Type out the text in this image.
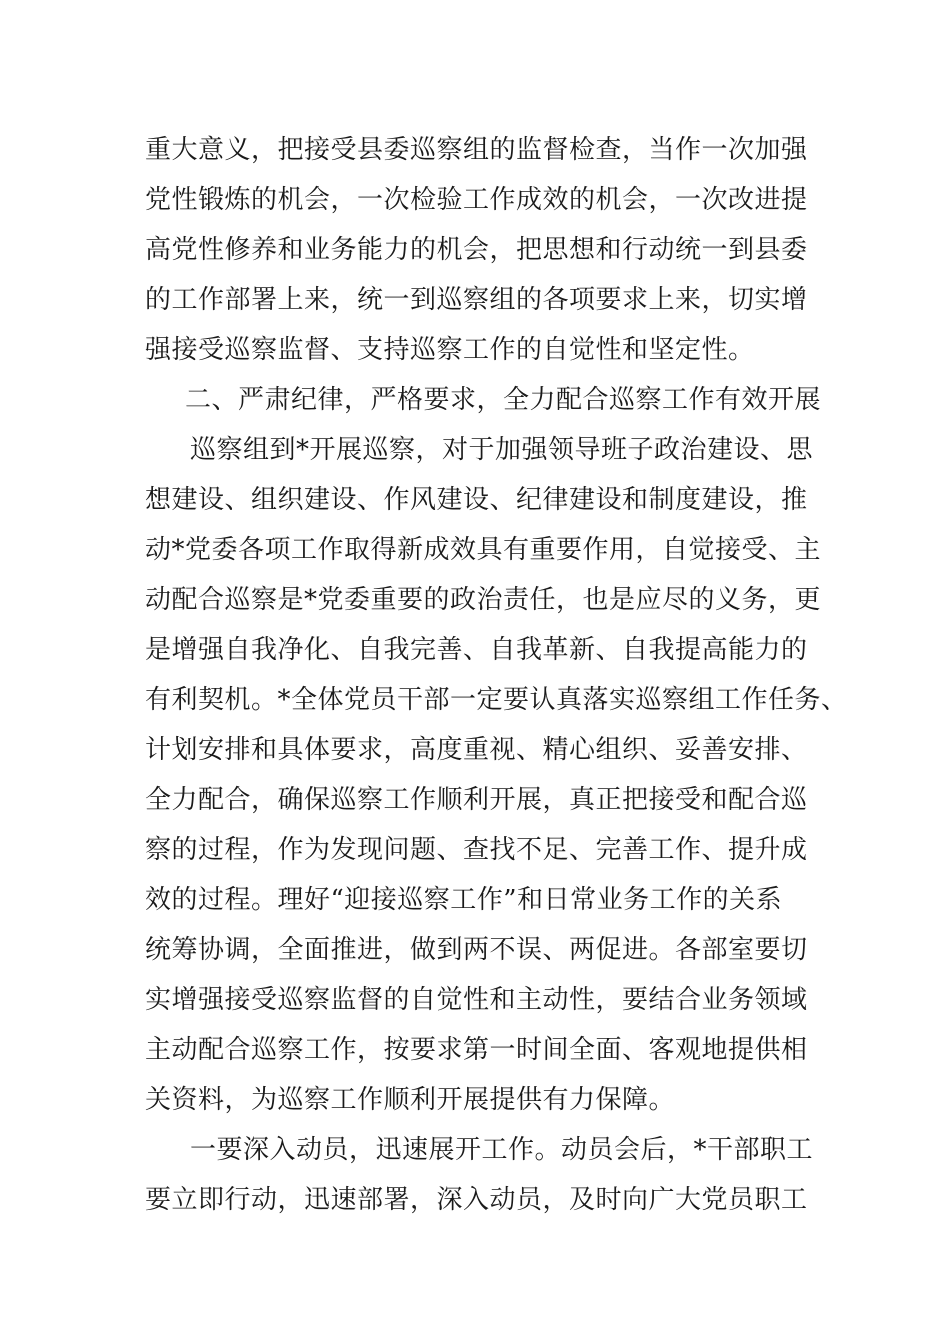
重大意义，把接受县委巡察组的监督检查，当作一次加强
党性锻炼的机会，一次检验工作成效的机会，一次改进提
高党性修养和业务能力的机会，把思想和行动统一到县委
的工作部署上来，统一到巡察组的各项要求上来，切实增
强接受巡察监督、支持巡察工作的自觉性和坚定性。
二、严肃纪律，严格要求，全力配合巡察工作有效开展
巡察组到*开展巡察，对于加强领导班子政治建设、思
想建设、组织建设、作风建设、纪律建设和制度建设，推
动*党委各项工作取得新成效具有重要作用，自觉接受、主
动配合巡察是*党委重要的政治责任，也是应尽的义务，更
是增强自我净化、自我完善、自我革新、自我提高能力的
有利契机。*全体党员干部一定要认真落实巡察组工作任务、
计划安排和具体要求，高度重视、精心组织、妥善安排、
全力配合，确保巡察工作顺利开展，真正把接受和配合巡
察的过程，作为发现问题、查找不足、完善工作、提升成
效的过程。理好“迎接巡察工作”和日常业务工作的关系
统筹协调，全面推进，做到两不误、两促进。各部室要切
实增强接受巡察监督的自觉性和主动性，要结合业务领域
主动配合巡察工作，按要求第一时间全面、客观地提供相
关资料，为巡察工作顺利开展提供有力保障。
一要深入动员，迅速展开工作。动员会后，*干部职工
要立即行动，迅速部署，深入动员，及时向广大党员职工
